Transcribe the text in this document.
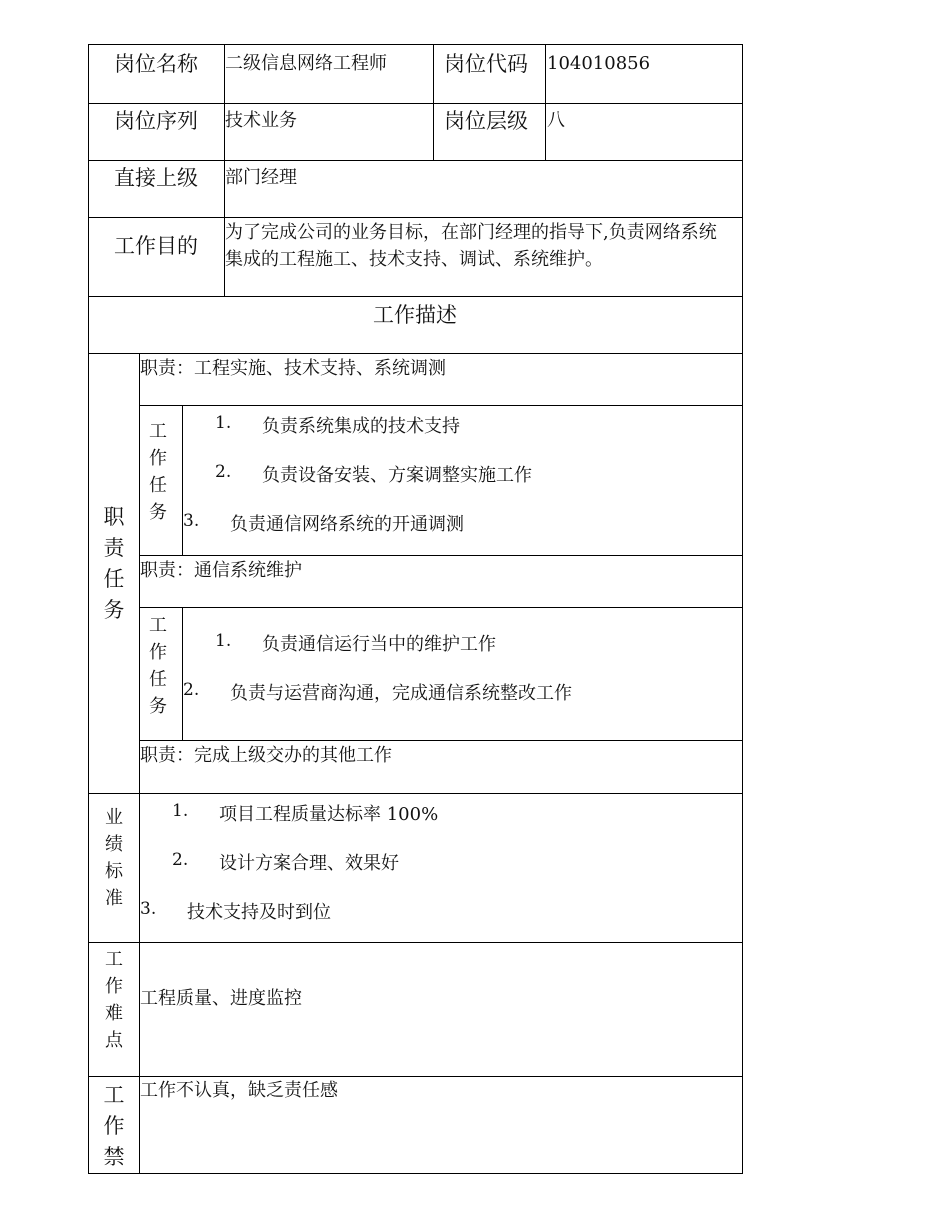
岗位名称 二级信息网络工程师	岗位代码 104010856
岗位序列 技术业务	岗位层级 八
直接上级 部门经理
工作目的
为了完成公司的业务目标，在部门经理的指导下,负责网络系统
集成的工程施工、技术支持、调试、系统维护。
工作描述
职
责
任
务
职责：工程实施、技术支持、系统调测
工
作
任
务
1. 负责系统集成的技术支持
2. 负责设备安装、方案调整实施工作
3. 负责通信网络系统的开通调测
职责：通信系统维护
工
作
任
务
1. 负责通信运行当中的维护工作
2. 负责与运营商沟通，完成通信系统整改工作
职责：完成上级交办的其他工作
业
绩
标
准
1. 项目工程质量达标率 100%
2. 设计方案合理、效果好
3. 技术支持及时到位
工
作
难
点
工程质量、进度监控
工
作
禁
工作不认真，缺乏责任感
